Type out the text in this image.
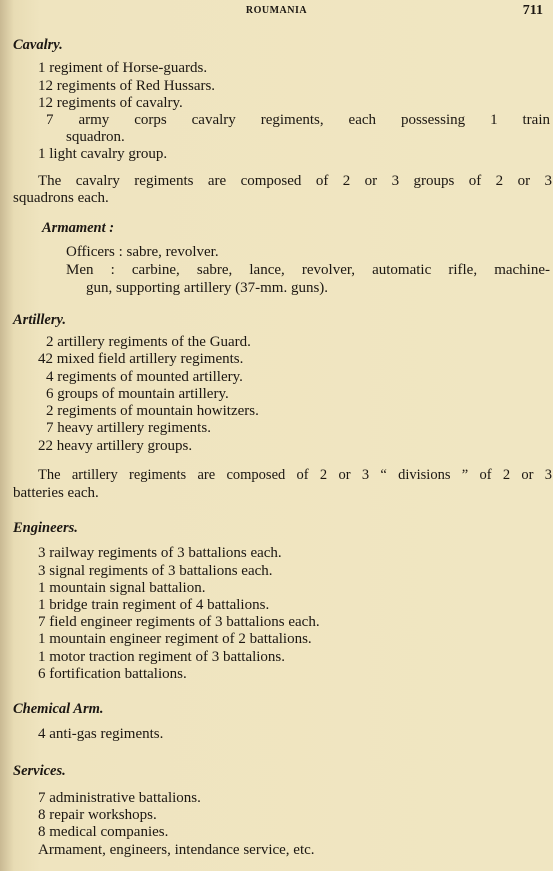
ROUMANIA	711
Cavalry.
1 regiment of Horse-guards.
12 regiments of Red Hussars.
12 regiments of cavalry.
7 army corps cavalry regiments, each possessing 1 train
squadron.
1 light cavalry group.
The cavalry regiments are composed of 2 or 3 groups of 2 or 3
squadrons each.
Armament :
Officers : sabre, revolver.
Men : carbine, sabre, lance, revolver, automatic rifle, machine-
gun, supporting artillery (37-mm. guns).
Artillery.
2 artillery regiments of the Guard.
42 mixed field artillery regiments.
4 regiments of mounted artillery.
6 groups of mountain artillery.
2 regiments of mountain howitzers.
7 heavy artillery regiments.
22 heavy artillery groups.
The artillery regiments are composed of 2 or 3 “ divisions ” of 2 or 3
batteries each.
Engineers.
3 railway regiments of 3 battalions each.
3 signal regiments of 3 battalions each.
1 mountain signal battalion.
1 bridge train regiment of 4 battalions.
7 field engineer regiments of 3 battalions each.
1 mountain engineer regiment of 2 battalions.
1 motor traction regiment of 3 battalions.
6 fortification battalions.
Chemical Arm.
4 anti-gas regiments.
Services.
7 administrative battalions.
8 repair workshops.
8 medical companies.
Armament, engineers, intendance service, etc.
